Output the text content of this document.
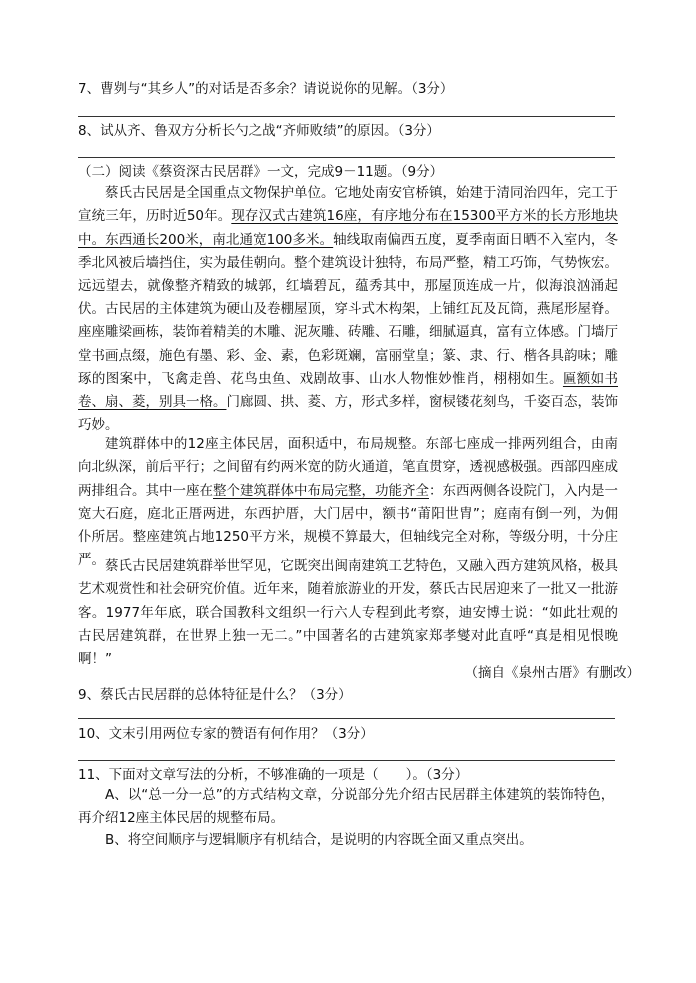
7、曹刿与“其乡人”的对话是否多余？请说说你的见解。（3分）
8、试从齐、鲁双方分析长勺之战“齐师败绩”的原因。（3分）
（二）阅读《蔡资深古民居群》一文，完成9－11题。（9分）
蔡氏古民居是全国重点文物保护单位。它地处南安官桥镇，始建于清同治四年，完工于宣统三年，历时近50年。现存汉式古建筑16座，有序地分布在15300平方米的长方形地块中。东西通长200米，南北通宽100多米。轴线取南偏西五度，夏季南面日晒不入室内，冬季北风被后墙挡住，实为最佳朝向。整个建筑设计独特，布局严整，精工巧饰，气势恢宏。远远望去，就像整齐精致的城郭，红墙碧瓦，蕴秀其中，那屋顶连成一片，似海浪汹涌起伏。 古民居的主体建筑为硬山及卷棚屋顶，穿斗式木构架，上铺红瓦及瓦筒，燕尾形屋脊。座座雕梁画栋，装饰着精美的木雕、泥灰雕、砖雕、石雕，细腻逼真，富有立体感。门墙厅堂书画点缀，施色有墨、彩、金、素，色彩斑斓，富丽堂皇；篆、隶、行、楷各具韵味；雕琢的图案中，飞禽走兽、花鸟虫鱼、戏剧故事、山水人物惟妙惟肖，栩栩如生。匾额如书卷、扇、菱，别具一格。门廊圆、拱、菱、方，形式多样，窗棂镂花刻鸟，千姿百态，装饰巧妙。
建筑群体中的12座主体民居，面积适中，布局规整。东部七座成一排两列组合，由南向北纵深，前后平行；之间留有约两米宽的防火通道，笔直贯穿，透视感极强。西部四座成两排组合。其中一座在整个建筑群体中布局完整，功能齐全：东西两侧各设院门，入内是一宽大石庭，庭北正厝两进，东西护厝，大门居中，额书“莆阳世胄”；庭南有倒一列，为佣仆所居。整座建筑占地1250平方米，规模不算最大，但轴线完全对称，等级分明，十分庄严。 蔡氏古民居建筑群举世罕见，它既突出闽南建筑工艺特色，又融入西方建筑风格，极具艺术观赏性和社会研究价值。近年来，随着旅游业的开发，蔡氏古民居迎来了一批又一批游客。1977年年底，联合国教科文组织一行六人专程到此考察，迪安博士说：“如此壮观的古民居建筑群，在世界上独一无二。”中国著名的古建筑家郑孝燮对此直呼“真是相见恨晚啊！”
（摘自《泉州古厝》有删改）
9、蔡氏古民居群的总体特征是什么？（3分）
10、文末引用两位专家的赞语有何作用？（3分）
11、下面对文章写法的分析，不够准确的一项是（　　）。（3分）
A、以“总一分一总”的方式结构文章，分说部分先介绍古民居群主体建筑的装饰特色，再介绍12座主体民居的规整布局。
B、将空间顺序与逻辑顺序有机结合，是说明的内容既全面又重点突出。
